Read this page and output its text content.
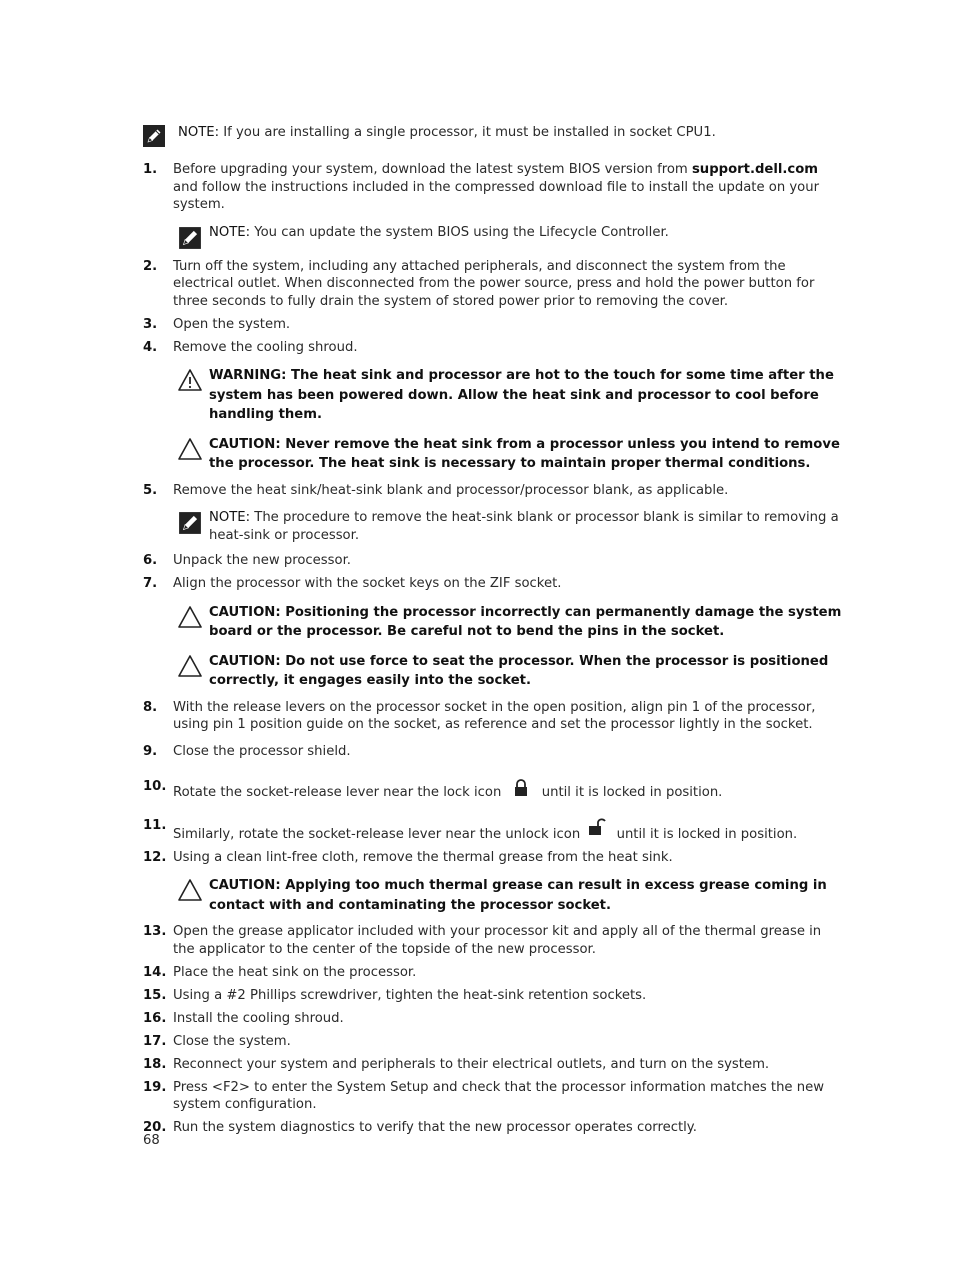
NOTE: If you are installing a single processor, it must be installed in socket CPU1.
1. Before upgrading your system, download the latest system BIOS version from support.dell.com and follow the instructions included in the compressed download file to install the update on your system.
NOTE: You can update the system BIOS using the Lifecycle Controller.
2. Turn off the system, including any attached peripherals, and disconnect the system from the electrical outlet. When disconnected from the power source, press and hold the power button for three seconds to fully drain the system of stored power prior to removing the cover.
3. Open the system.
4. Remove the cooling shroud.
WARNING: The heat sink and processor are hot to the touch for some time after the system has been powered down. Allow the heat sink and processor to cool before handling them.
CAUTION: Never remove the heat sink from a processor unless you intend to remove the processor. The heat sink is necessary to maintain proper thermal conditions.
5. Remove the heat sink/heat-sink blank and processor/processor blank, as applicable.
NOTE: The procedure to remove the heat-sink blank or processor blank is similar to removing a heat-sink or processor.
6. Unpack the new processor.
7. Align the processor with the socket keys on the ZIF socket.
CAUTION: Positioning the processor incorrectly can permanently damage the system board or the processor. Be careful not to bend the pins in the socket.
CAUTION: Do not use force to seat the processor. When the processor is positioned correctly, it engages easily into the socket.
8. With the release levers on the processor socket in the open position, align pin 1 of the processor, using pin 1 position guide on the socket, as reference and set the processor lightly in the socket.
9. Close the processor shield.
10. Rotate the socket-release lever near the lock icon	until it is locked in position.
11.
Similarly, rotate the socket-release lever near the unlock icon	until it is locked in position.
12. Using a clean lint-free cloth, remove the thermal grease from the heat sink.
CAUTION: Applying too much thermal grease can result in excess grease coming in contact with and contaminating the processor socket.
13. Open the grease applicator included with your processor kit and apply all of the thermal grease in the applicator to the center of the topside of the new processor.
14. Place the heat sink on the processor.
15. Using a #2 Phillips screwdriver, tighten the heat-sink retention sockets.
16. Install the cooling shroud.
17. Close the system.
18. Reconnect your system and peripherals to their electrical outlets, and turn on the system.
19. Press <F2> to enter the System Setup and check that the processor information matches the new system configuration.
20. Run the system diagnostics to verify that the new processor operates correctly.
68
